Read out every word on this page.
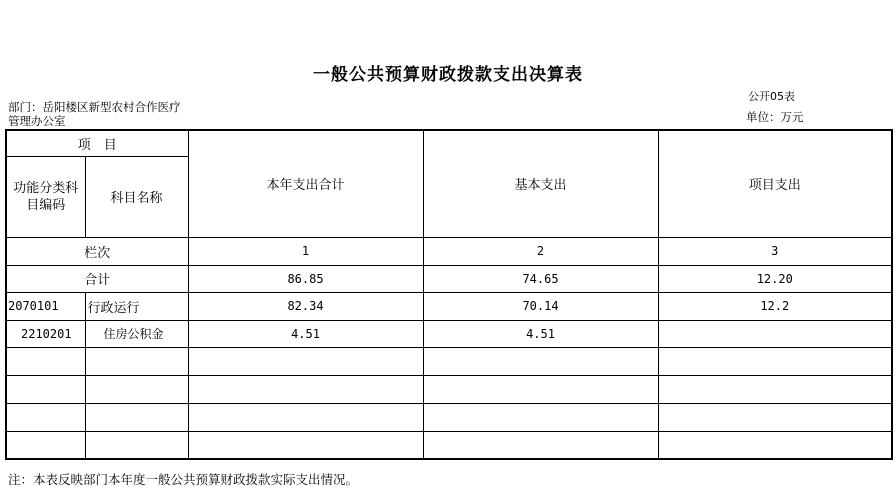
一般公共预算财政拨款支出决算表
公开05表
部门：岳阳楼区新型农村合作医疗管理办公室	单位：万元
项　目		本年支出合计	基本支出	项目支出
功能分类科目编码	科目名称			
栏次		1	2	3
合计		86.85	74.65	12.20
2070101	行政运行	82.34	70.14	12.2
2210201	住房公积金	4.51	4.51	

注：本表反映部门本年度一般公共预算财政拨款实际支出情况。
